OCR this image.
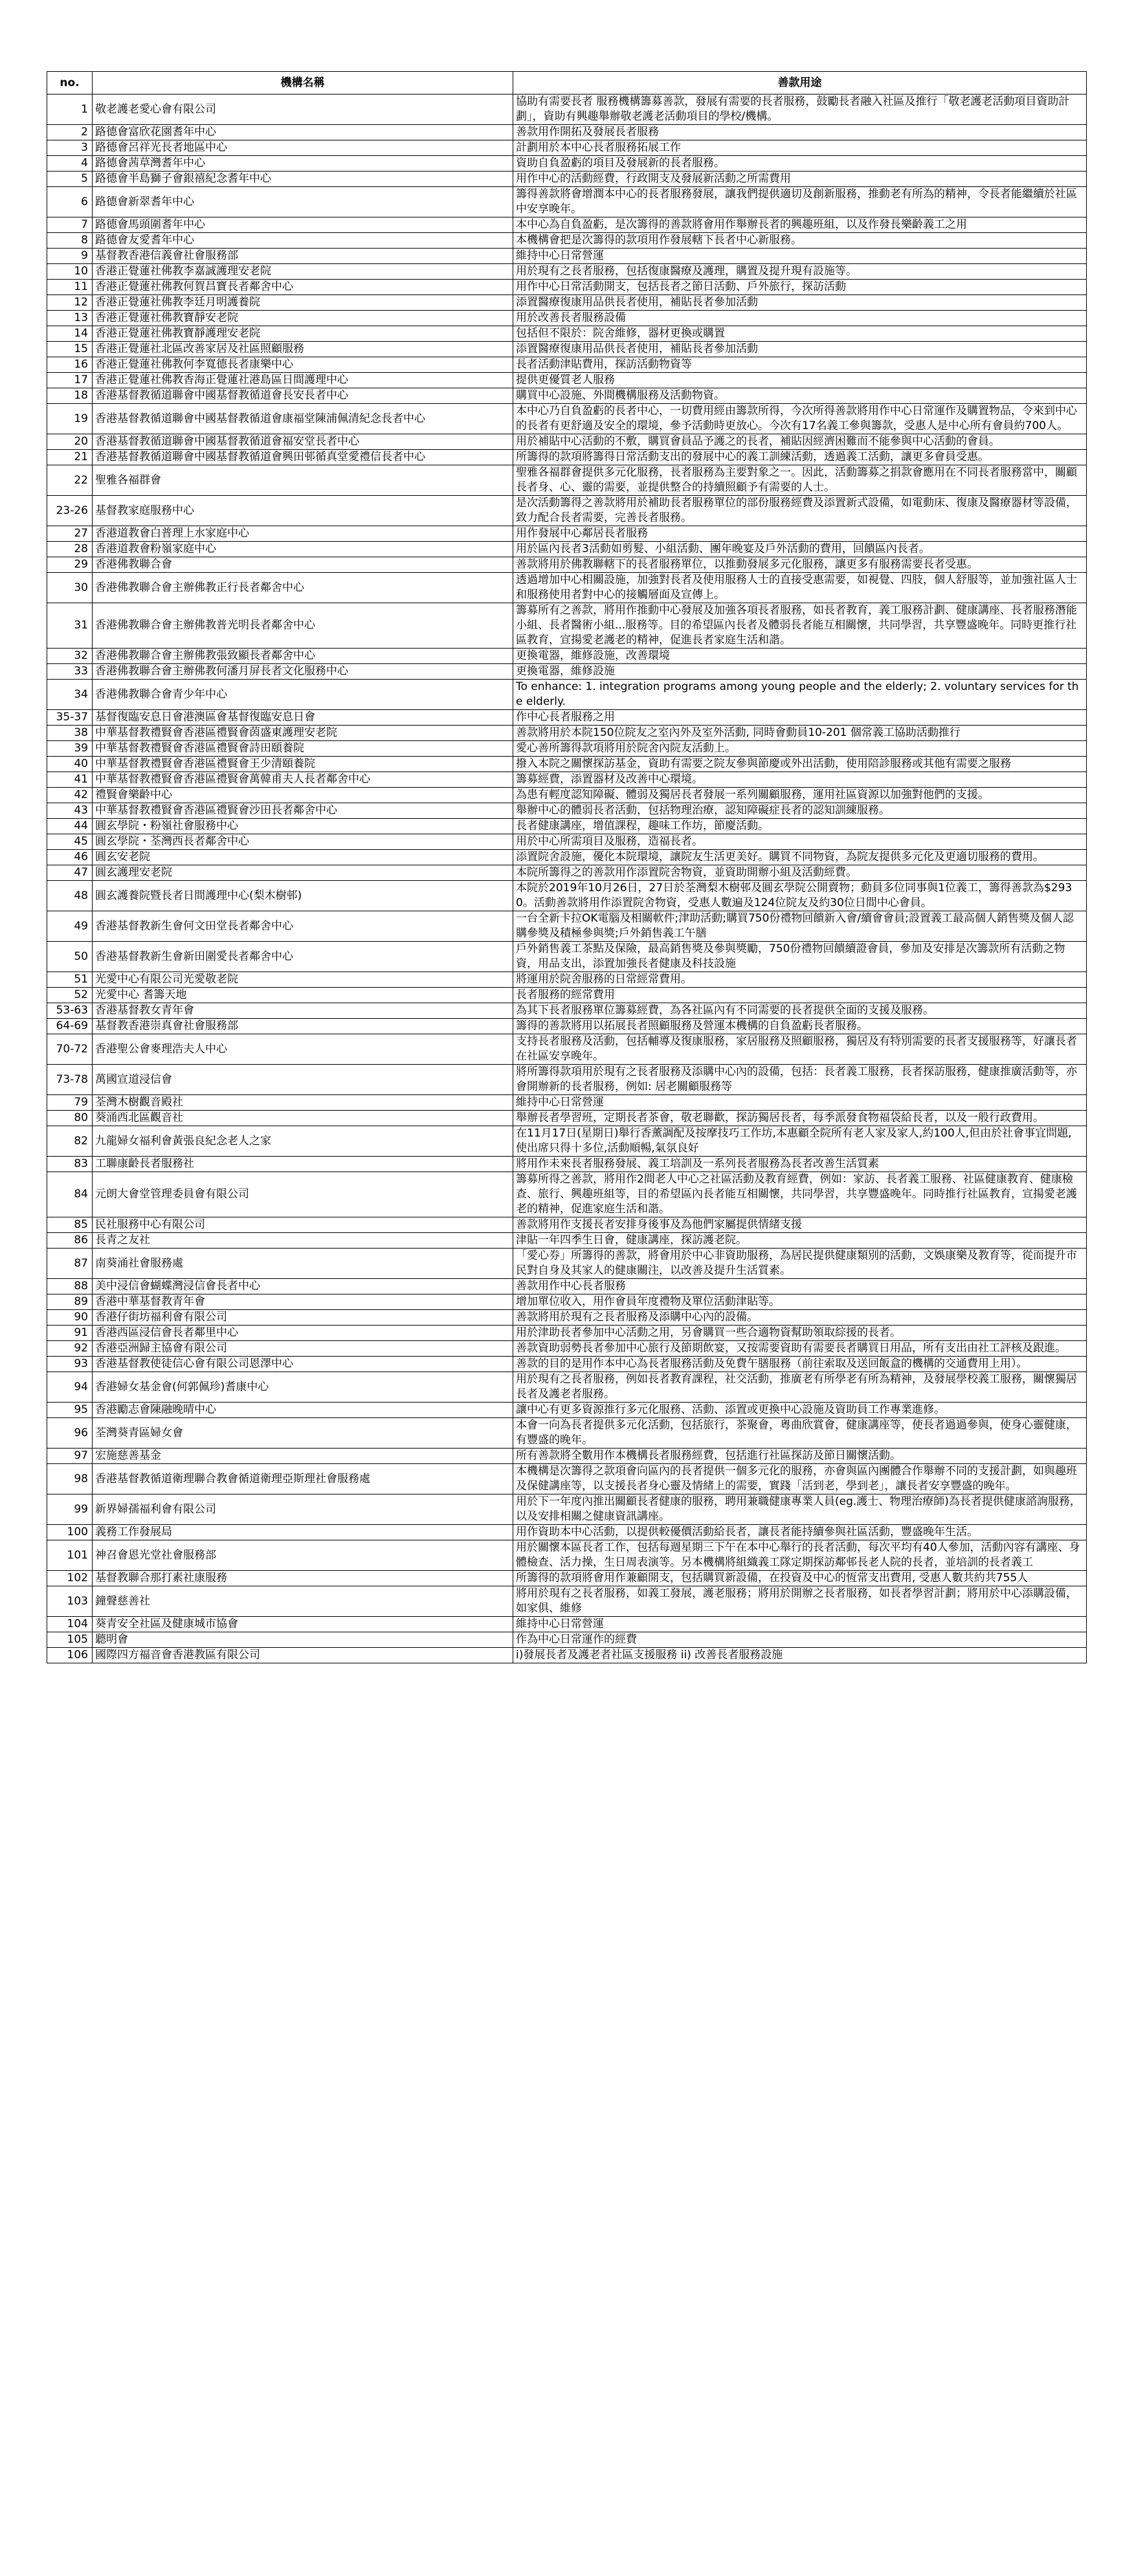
no.	機構名稱	善款用途
1	敬老護老愛心會有限公司	協助有需要長者 服務機構籌募善款，發展有需要的長者服務，鼓勵長者融入社區及推行「敬老護老活動項目資助計劃」，資助有興趣舉辦敬老護老活動項目的學校/機構。
2	路德會富欣花園耆年中心	善款用作開拓及發展長者服務
3	路德會呂祥光長者地區中心	計劃用於本中心長者服務拓展工作
4	路德會茜草灣耆年中心	資助自負盈虧的項目及發展新的長者服務。
5	路德會半島獅子會銀禧紀念耆年中心	用作中心的活動經費，行政開支及發展新活動之所需費用
6	路德會新翠耆年中心	籌得善款將會增潤本中心的長者服務發展，讓我們提供適切及創新服務，推動老有所為的精神，令長者能繼續於社區中安享晚年。
7	路德會馬頭圍耆年中心	本中心為自負盈虧，是次籌得的善款將會用作舉辦長者的興趣班組，以及作發長樂齡義工之用
8	路德會友愛耆年中心	本機構會把是次籌得的款項用作發展轄下長者中心新服務。
9	基督教香港信義會社會服務部	維持中心日常營運
10	香港正覺蓮社佛教李嘉誠護理安老院	用於現有之長者服務，包括復康醫療及護理，購置及提升現有設施等。
11	香港正覺蓮社佛教何賀昌寶長者鄰舍中心	用作中心日常活動開支，包括長者之節日活動、戶外旅行，探訪活動
12	香港正覺蓮社佛教李廷月明護養院	添置醫療復康用品供長者使用，補貼長者參加活動
13	香港正覺蓮社佛教寶靜安老院	用於改善長者服務設備
14	香港正覺蓮社佛教寶靜護理安老院	包括但不限於：院舍維修，器材更換或購置
15	香港正覺蓮社北區改善家居及社區照顧服務	添置醫療復康用品供長者使用，補貼長者參加活動
16	香港正覺蓮社佛教何李寬德長者康樂中心	長者活動津貼費用，探訪活動物資等
17	香港正覺蓮社佛教香海正覺蓮社港島區日間護理中心	提供更優質老人服務
18	香港基督教循道聯會中國基督教循道會長安長者中心	購買中心設施、外間機構服務及活動物資。
19	香港基督教循道聯會中國基督教循道會康福堂陳浦佩清紀念長者中心	本中心乃自負盈虧的長者中心，一切費用經由籌款所得，今次所得善款將用作中心日常運作及購置物品，令來到中心的長者有更舒適及安全的環境，參予活動時更放心。今次有17名義工參與籌款，受惠人是中心所有會員約700人。
20	香港基督教循道聯會中國基督教循道會福安堂長者中心	用於補貼中心活動的不敷，購買會員品予護之的長者，補貼因經濟困難而不能參與中心活動的會員。
21	香港基督教循道聯會中國基督教循道會興田邨循真堂愛禮信長者中心	所籌得的款項將籌得日常活動支出的發展中心的義工訓練活動，透過義工活動，讓更多會員受惠。
22	聖雅各福群會	聖雅各福群會提供多元化服務，長者服務為主要對象之一。因此，活動籌募之捐款會應用在不同長者服務當中，關顧長者身、心、靈的需要，並提供整合的持續照顧予有需要的人士。
23-26	基督教家庭服務中心	是次活動籌得之善款將用於補助長者服務單位的部份服務經費及添置新式設備，如電動床、復康及醫療器材等設備，致力配合長者需要，完善長者服務。
27	香港道教會白普理上水家庭中心	用作發展中心鄰居長者服務
28	香港道教會粉嶺家庭中心	用於區內長者3活動如剪髮、小組活動、團年晚宴及戶外活動的費用，回饋區內長者。
29	香港佛教聯合會	善款將用於佛教聯轄下的長者服務單位，以推動發展多元化服務，讓更多有服務需要長者受惠。
30	香港佛教聯合會主辦佛教正行長者鄰舍中心	透過增加中心相關設施，加強對長者及使用服務人士的直接受惠需要，如視覺、四肢，個人舒服等，並加強社區人士和服務使用者對中心的接觸層面及宣傳上。
31	香港佛教聯合會主辦佛教普光明長者鄰舍中心	籌募所有之善款，將用作推動中心發展及加強各項長者服務，如長者教育，義工服務計劃、健康講座、長者服務潛能小組、長者醫術小組...服務等。目的希望區內長者及體弱長者能互相關懷，共同學習，共享豐盛晚年。同時更推行社區教育，宣揚愛老護老的精神，促進長者家庭生活和諧。
32	香港佛教聯合會主辦佛教張致顯長者鄰舍中心	更換電器，維修設施，改善環境
33	香港佛教聯合會主辦佛教何潘月屏長者文化服務中心	更換電器，維修設施
34	香港佛教聯合會青少年中心	To enhance: 1. integration programs among young people and the elderly; 2. voluntary services for the elderly.
35-37	基督復臨安息日會港澳區會基督復臨安息日會	作中心長者服務之用
38	中華基督教禮賢會香港區禮賢會茵盛東護理安老院	善款將用於本院150位院友之室內外及室外活動, 同時會動員10-201 個常義工協助活動推行
39	中華基督教禮賢會香港區禮賢會詩田頤養院	愛心善所籌得款項將用於院舍內院友活動上。
40	中華基督教禮賢會香港區禮賢會王少清頤養院	撥入本院之關懷探訪基金，資助有需要之院友參與節慶或外出活動，使用陪診服務或其他有需要之服務
41	中華基督教禮賢會香港區禮賢會萬韓甫夫人長者鄰舍中心	籌募經費，添置器材及改善中心環境。
42	禮賢會樂齡中心	為患有輕度認知障礙、體弱及獨居長者發展一系列關顧服務，運用社區資源以加強對他們的支援。
43	中華基督教禮賢會香港區禮賢會沙田長者鄰舍中心	舉辦中心的體弱長者活動，包括物理治療，認知障礙症長者的認知訓練服務。
44	圓玄學院・粉嶺社會服務中心	長者健康講座，增值課程，趣味工作坊，節慶活動。
45	圓玄學院・荃灣西長者鄰舍中心	用於中心所需項目及服務，造福長者。
46	圓玄安老院	添置院舍設施，優化本院環境，讓院友生活更美好。購買不同物資，為院友提供多元化及更適切服務的費用。
47	圓玄護理安老院	本院所籌得之的善款用作添置院舍物資，並資助開辦小組及活動經費。
48	圓玄護養院暨長者日間護理中心(梨木樹邨)	本院於2019年10月26日，27日於荃灣梨木樹邨及圓玄學院公開賣物；動員多位同事與1位義工，籌得善款為$2930。活動善款將用作添置院舍物資，受惠人數遍及124位院友及約30位日間中心會員。
49	香港基督教新生會何文田堂長者鄰舍中心	一台全新卡拉OK電腦及相關軟件;津助活動;購買750份禮物回饋新入會/續會會員;設置義工最高個人銷售獎及個人認購參獎及積極參與獎;戶外銷售義工午膳
50	香港基督教新生會新田圍愛長者鄰舍中心	戶外銷售義工茶點及保險，最高銷售獎及參與獎勵，750份禮物回饋續證會員，參加及安排是次籌款所有活動之物資，用品支出，添置加強長者健康及科技設施
51	光愛中心有限公司光愛敬老院	將運用於院舍服務的日常經常費用。
52	光愛中心 耆籌天地	長者服務的經常費用
53-63	香港基督教女青年會	為其下長者服務單位籌募經費，為各社區內有不同需要的長者提供全面的支援及服務。
64-69	基督教香港崇真會社會服務部	籌得的善款將用以拓展長者照顧服務及營運本機構的自負盈虧長者服務。
70-72	香港聖公會麥理浩夫人中心	支持長者服務及活動，包括輔導及復康服務，家居服務及照顧服務，獨居及有特別需要的長者支援服務等，好讓長者在社區安享晚年。
73-78	萬國宣道浸信會	將所籌得款項用於現有之長者服務及添購中心內的設備，包括：長者義工服務，長者探訪服務，健康推廣活動等，亦會開辦新的長者服務，例如: 居老關顧服務等
79	荃灣木樹觀音殿社	維持中心日常營運
80	葵涌西北區觀音社	舉辦長者學習班，定期長者茶會，敬老聯歡，探訪獨居長者，每季派發食物福袋給長者，以及一般行政費用。
82	九龍婦女福利會黃張良紀念老人之家	在11月17日(星期日)舉行香薰調配及按摩技巧工作坊,本惠顧全院所有老人家及家人,約100人,但由於社會事宜問題, 使出席只得十多位,活動順暢,氣氛良好
83	工聯康齡長者服務社	將用作未來長者服務發展、義工培訓及一系列長者服務為長者改善生活質素
84	元朗大會堂管理委員會有限公司	籌募所得之善款，將用作2間老人中心之社區活動及教育經費，例如：家訪、長者義工服務、社區健康教育、健康檢查、旅行、興趣班組等，目的希望區內長者能互相關懷，共同學習，共享豐盛晚年。同時推行社區教育，宣揚愛老護老的精神，促進家庭生活和諧。
85	民社服務中心有限公司	善款將用作支援長者安排身後事及為他們家屬提供情緒支援
86	長青之友社	津貼一年四季生日會，健康講座，探訪護老院。
87	南葵涌社會服務處	「愛心券」所籌得的善款，將會用於中心非資助服務，為居民提供健康類別的活動，文娛康樂及教育等，從而提升市民對自身及其家人的健康關注，以改善及提升生活質素。
88	美中浸信會蝴蝶灣浸信會長者中心	善款用作中心長者服務
89	香港中華基督教青年會	增加單位收入，用作會員年度禮物及單位活動津貼等。
90	香港仔街坊福利會有限公司	善款將用於現有之長者服務及添購中心內的設備。
91	香港西區浸信會長者鄰里中心	用於津助長者參加中心活動之用，另會購買一些合適物資幫助領取綜援的長者。
92	香港亞洲歸主協會有限公司	善款資助弱勢長者參加中心旅行及節期飲宴，又按需要資助有需要長者購買日用品，所有支出由社工評核及跟進。
93	香港基督教使徒信心會有限公司恩澤中心	善款的目的是用作本中心為長者服務活動及免費午膳服務（前往索取及送回飯盒的機構的交通費用上用）。
94	香港婦女基金會(何郭佩珍)耆康中心	用於現有之長者服務，例如長者教育課程，社交活動，推廣老有所學老有所為精神，及發展學校義工服務，關懷獨居長者及護老者服務。
95	香港勵志會陳融晚晴中心	讓中心有更多資源推行多元化服務、活動、添置或更換中心設施及資助員工作專業進修。
96	荃灣葵青區婦女會	本會一向為長者提供多元化活動，包括旅行，茶聚會，粵曲欣賞會，健康講座等，使長者過過參與，使身心靈健康，有豐盛的晚年。
97	宏施慈善基金	所有善款將全數用作本機構長者服務經費，包括進行社區探訪及節日關懷活動。
98	香港基督教循道衛理聯合教會循道衛理亞斯理社會服務處	本機構是次籌得之款項會向區內的長者提供一個多元化的服務，亦會與區內團體合作舉辦不同的支援計劃，如與趣班及保健講座等，以支援長者身心靈及情緒上的需要，實踐「活到老，學到老」，讓長者安享豐盛的晚年。
99	新界婦孺福利會有限公司	用於下一年度內推出關顧長者健康的服務，聘用兼職健康專業人員(eg.護士、物理治療師)為長者提供健康諮詢服務，以及安排相關之健康資訊講座。
100	義務工作發展局	用作資助本中心活動，以提供較優價活動給長者，讓長者能持續參與社區活動，豐盛晚年生活。
101	神召會恩光堂社會服務部	用於關懷本區長者工作，包括每週星期三下午在本中心舉行的長者活動，每次平均有40人參加，活動內容有講座、身體檢查、活力操，生日周表演等。另本機構將組織義工隊定期探訪鄰邨長老人院的長者，並培訓的長者義工
102	基督教聯合那打素社康服務	所籌得的款項將會用作兼顧開支，包括購買新設備，在投資及中心的恆常支出費用, 受惠人數共約共755人
103	鐘聲慈善社	將用於現有之長者服務，如義工發展，護老服務；將用於開辦之長者服務，如長者學習計劃；將用於中心添購設備，如家俱、維修
104	葵青安全社區及健康城市協會	維持中心日常營運
105	聽明會	作為中心日常運作的經費
106	國際四方福音會香港教區有限公司	i)發展長者及護老者社區支援服務 ii) 改善長者服務設施
